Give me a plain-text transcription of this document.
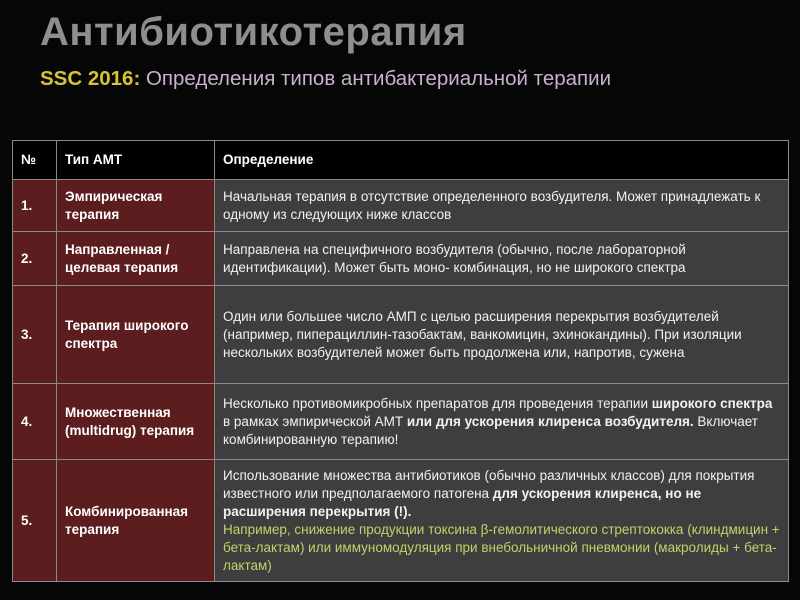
Антибиотикотерапия

SSC 2016: Определения типов антибактериальной терапии

№	Тип АМТ	Определение
1.	Эмпирическая терапия	Начальная терапия в отсутствие определенного возбудителя. Может принадлежать к одному из следующих ниже классов
2.	Направленная / целевая терапия	Направлена на специфичного возбудителя (обычно, после лабораторной идентификации). Может быть моно- комбинация, но не широкого спектра
3.	Терапия широкого спектра	Один или большее число АМП с целью расширения перекрытия возбудителей (например, пиперациллин-тазобактам, ванкомицин, эхинокандины). При изоляции нескольких возбудителей может быть продолжена или, напротив, сужена
4.	Множественная (multidrug) терапия	Несколько противомикробных препаратов для проведения терапии широкого спектра в рамках эмпирической АМТ или для ускорения клиренса возбудителя. Включает комбинированную терапию!
5.	Комбинированная терапия	Использование множества антибиотиков (обычно различных классов) для покрытия известного или предполагаемого патогена для ускорения клиренса, но не расширения перекрытия (!).
Например, снижение продукции токсина β-гемолитического стрептококка (клиндмицин + бета-лактам) или иммуномодуляция при внебольничной пневмонии (макролиды + бета-лактам)
